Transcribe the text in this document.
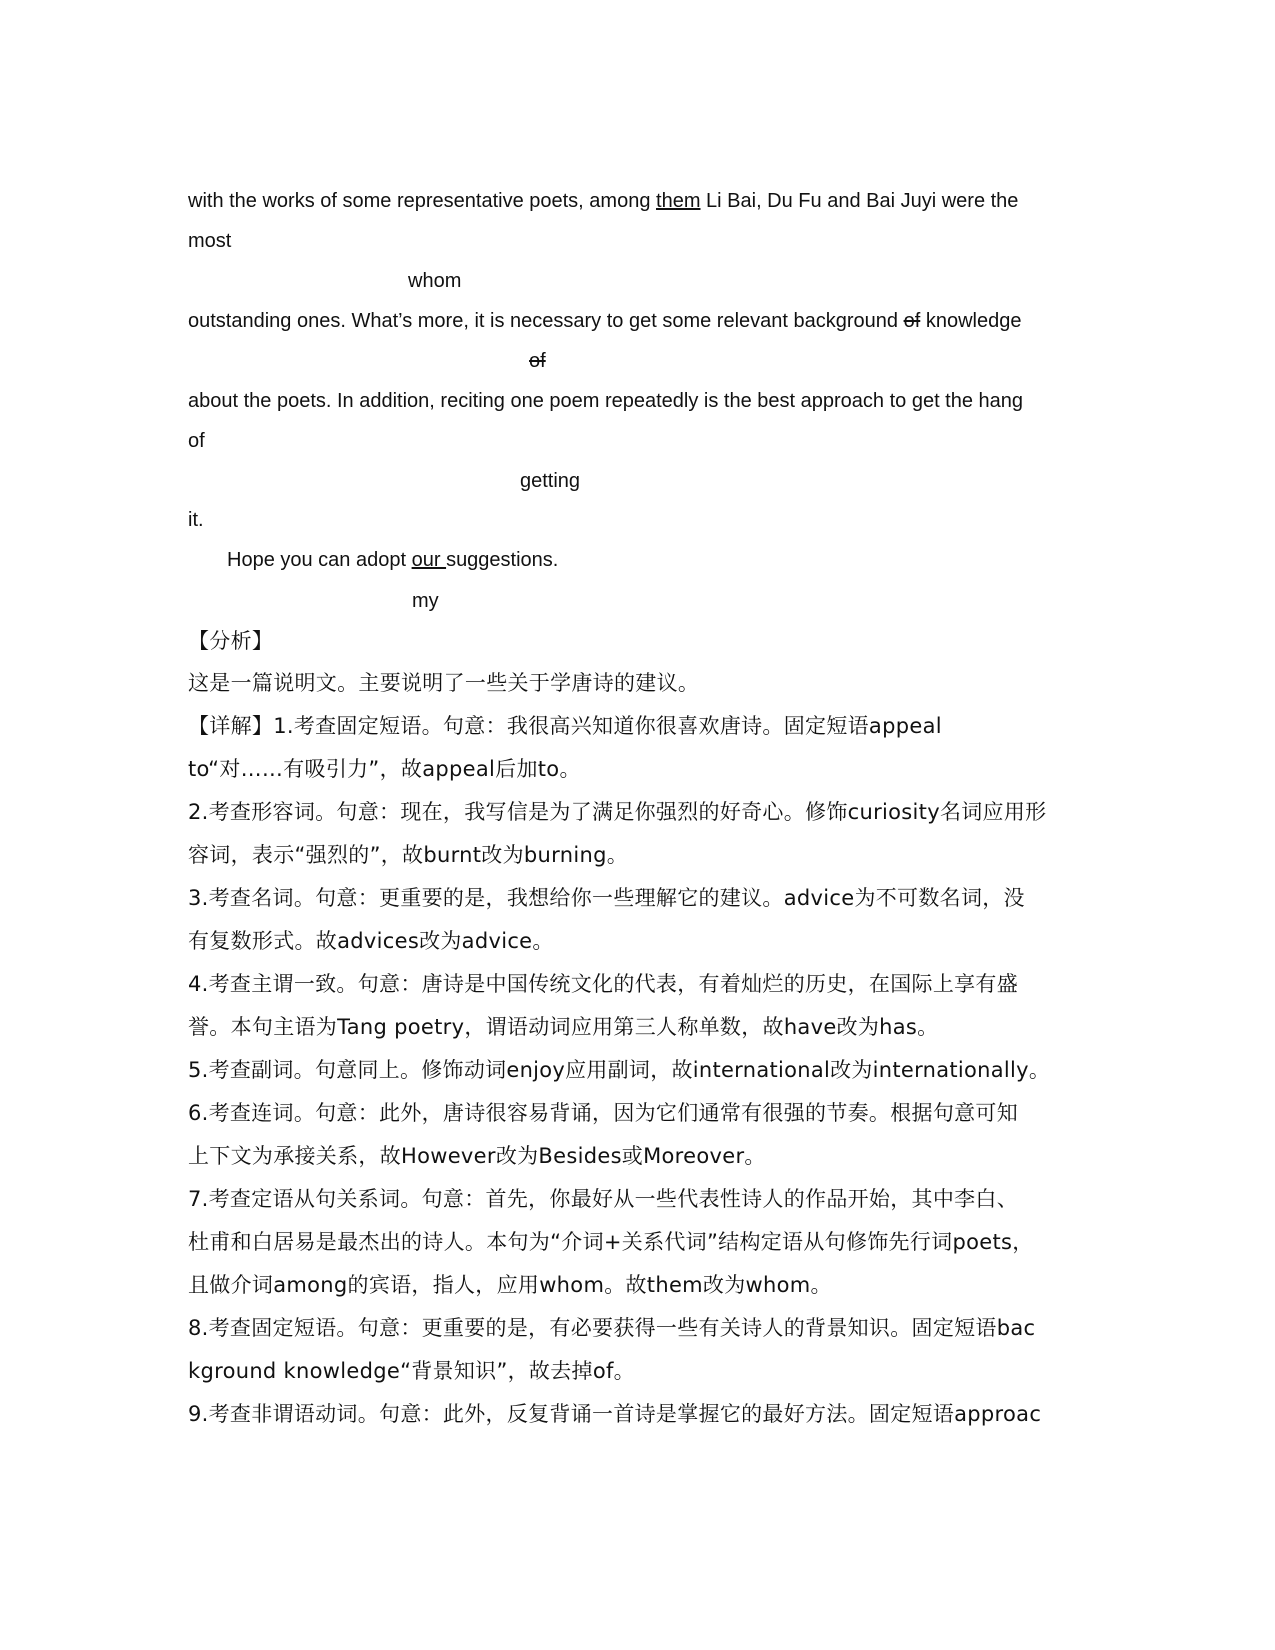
with the works of some representative poets, among them Li Bai, Du Fu and Bai Juyi were the
most
whom
outstanding ones. What’s more, it is necessary to get some relevant background of knowledge
of
about the poets. In addition, reciting one poem repeatedly is the best approach to get the hang
of
getting
it.
Hope you can adopt our suggestions.
my
【分析】
这是一篇说明文。主要说明了一些关于学唐诗的建议。
【详解】1.考查固定短语。句意：我很高兴知道你很喜欢唐诗。固定短语appeal
to“对……有吸引力”，故appeal后加to。
2.考查形容词。句意：现在，我写信是为了满足你强烈的好奇心。修饰curiosity名词应用形
容词，表示“强烈的”，故burnt改为burning。
3.考查名词。句意：更重要的是，我想给你一些理解它的建议。advice为不可数名词，没
有复数形式。故advices改为advice。
4.考查主谓一致。句意：唐诗是中国传统文化的代表，有着灿烂的历史，在国际上享有盛
誉。本句主语为Tang poetry，谓语动词应用第三人称单数，故have改为has。
5.考查副词。句意同上。修饰动词enjoy应用副词，故international改为internationally。
6.考查连词。句意：此外，唐诗很容易背诵，因为它们通常有很强的节奏。根据句意可知
上下文为承接关系，故However改为Besides或Moreover。
7.考查定语从句关系词。句意：首先，你最好从一些代表性诗人的作品开始，其中李白、
杜甫和白居易是最杰出的诗人。本句为“介词+关系代词”结构定语从句修饰先行词poets，
且做介词among的宾语，指人，应用whom。故them改为whom。
8.考查固定短语。句意：更重要的是，有必要获得一些有关诗人的背景知识。固定短语bac
kground knowledge“背景知识”，故去掉of。
9.考查非谓语动词。句意：此外，反复背诵一首诗是掌握它的最好方法。固定短语approac
